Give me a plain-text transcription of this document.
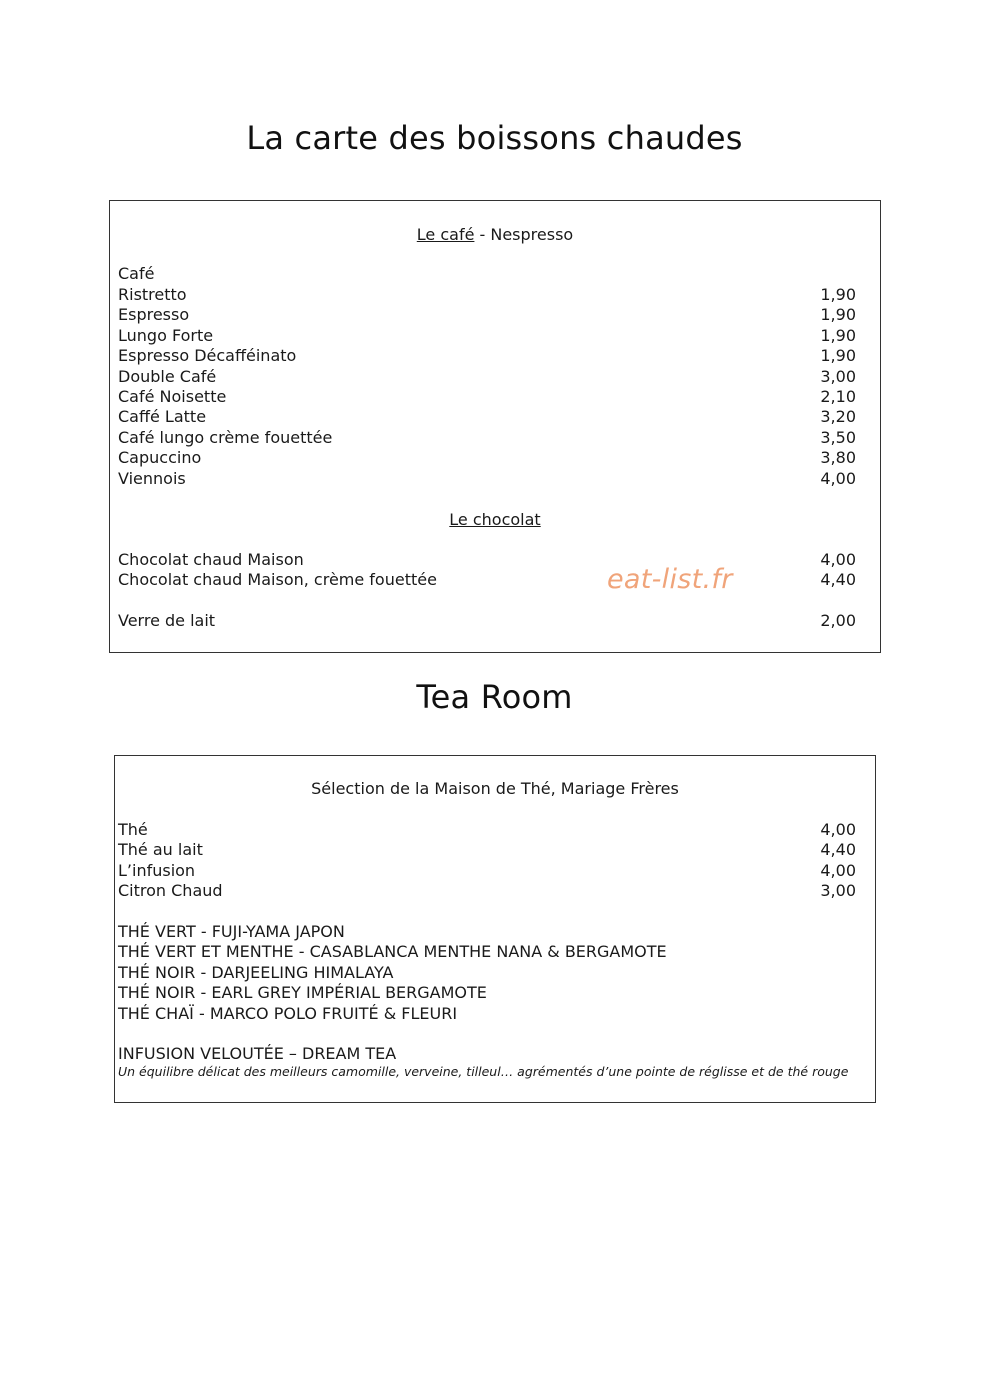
La carte des boissons chaudes
Le café - Nespresso
Café
Ristretto	1,90
Espresso	1,90
Lungo Forte	1,90
Espresso Décafféinato	1,90
Double Café	3,00
Café Noisette	2,10
Caffé Latte	3,20
Café lungo crème fouettée	3,50
Capuccino	3,80
Viennois	4,00
Le chocolat
Chocolat chaud Maison	4,00
Chocolat chaud Maison, crème fouettée	4,40
Verre de lait	2,00
eat-list.fr
Tea Room
Sélection de la Maison de Thé, Mariage Frères
Thé	4,00
Thé au lait	4,40
L’infusion	4,00
Citron Chaud	3,00
THÉ VERT - FUJI-YAMA JAPON
THÉ VERT ET MENTHE - CASABLANCA MENTHE NANA & BERGAMOTE
THÉ NOIR - DARJEELING HIMALAYA
THÉ NOIR - EARL GREY IMPÉRIAL BERGAMOTE
THÉ CHAÏ - MARCO POLO FRUITÉ & FLEURI
INFUSION VELOUTÉE – DREAM TEA
Un équilibre délicat des meilleurs camomille, verveine, tilleul… agrémentés d’une pointe de réglisse et de thé rouge
